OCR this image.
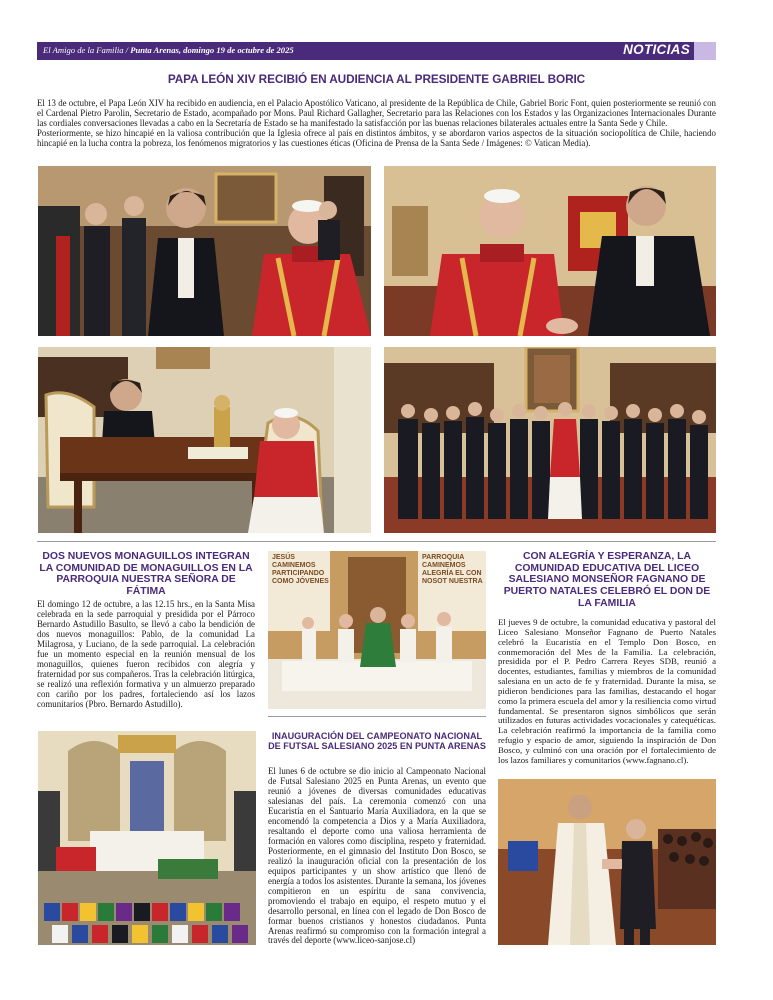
El Amigo de la Familia / Punta Arenas, domingo 19 de octubre de 2025	NOTICIAS
PAPA LEÓN XIV RECIBIÓ EN AUDIENCIA AL PRESIDENTE GABRIEL BORIC

El 13 de octubre, el Papa León XIV ha recibido en audiencia, en el Palacio Apostólico Vaticano, al presidente de la República de Chile, Gabriel Boric Font, quien posteriormente se reunió con el Cardenal Pietro Parolin, Secretario de Estado, acompañado por Mons. Paul Richard Gallagher, Secretario para las Relaciones con los Estados y las Organizaciones Internacionales Durante las cordiales conversaciones llevadas a cabo en la Secretaría de Estado se ha manifestado la satisfacción por las buenas relaciones bilaterales actuales entre la Santa Sede y Chile.

Posteriormente, se hizo hincapié en la valiosa contribución que la Iglesia ofrece al país en distintos ámbitos, y se abordaron varios aspectos de la situación sociopolítica de Chile, haciendo hincapié en la lucha contra la pobreza, los fenómenos migratorios y las cuestiones éticas (Oficina de Prensa de la Santa Sede / Imágenes: © Vatican Media).

DOS NUEVOS MONAGUILLOS INTEGRAN LA COMUNIDAD DE MONAGUILLOS EN LA PARROQUIA NUESTRA SEÑORA DE FÁTIMA
El domingo 12 de octubre, a las 12.15 hrs., en la Santa Misa celebrada en la sede parroquial y presidida por el Párroco Bernardo Astudillo Basulto, se llevó a cabo la bendición de dos nuevos monaguillos: Pablo, de la comunidad La Milagrosa, y Luciano, de la sede parroquial. La celebración fue un momento especial en la reunión mensual de los monaguillos, quienes fueron recibidos con alegría y fraternidad por sus compañeros. Tras la celebración litúrgica, se realizó una reflexión formativa y un almuerzo preparado con cariño por los padres, fortaleciendo así los lazos comunitarios (Pbro. Bernardo Astudillo).
JESÚS CAMINEMOS PARTICIPANDO COMO JÓVENES
PARROQUIA CAMINEMOS ALEGRÍA EL CON NOSOT NUESTRA
CON ALEGRÍA Y ESPERANZA, LA COMUNIDAD EDUCATIVA DEL LICEO SALESIANO MONSEÑOR FAGNANO DE PUERTO NATALES CELEBRÓ EL DON DE LA FAMILIA
El jueves 9 de octubre, la comunidad educativa y pastoral del Liceo Salesiano Monseñor Fagnano de Puerto Natales celebró la Eucaristía en el Templo Don Bosco, en conmemoración del Mes de la Familia. La celebración, presidida por el P. Pedro Carrera Reyes SDB, reunió a docentes, estudiantes, familias y miembros de la comunidad salesiana en un acto de fe y fraternidad. Durante la misa, se pidieron bendiciones para las familias, destacando el hogar como la primera escuela del amor y la resiliencia como virtud fundamental. Se presentaron signos simbólicos que serán utilizados en futuras actividades vocacionales y catequéticas. La celebración reafirmó la importancia de la familia como refugio y espacio de amor, siguiendo la inspiración de Don Bosco, y culminó con una oración por el fortalecimiento de los lazos familiares y comunitarios (www.fagnano.cl).
INAUGURACIÓN DEL CAMPEONATO NACIONAL DE FUTSAL SALESIANO 2025 EN PUNTA ARENAS
El lunes 6 de octubre se dio inicio al Campeonato Nacional de Futsal Salesiano 2025 en Punta Arenas, un evento que reunió a jóvenes de diversas comunidades educativas salesianas del país. La ceremonia comenzó con una Eucaristía en el Santuario María Auxiliadora, en la que se encomendó la competencia a Dios y a María Auxiliadora, resaltando el deporte como una valiosa herramienta de formación en valores como disciplina, respeto y fraternidad. Posteriormente, en el gimnasio del Instituto Don Bosco, se realizó la inauguración oficial con la presentación de los equipos participantes y un show artístico que llenó de energía a todos los asistentes. Durante la semana, los jóvenes compitieron en un espíritu de sana convivencia, promoviendo el trabajo en equipo, el respeto mutuo y el desarrollo personal, en línea con el legado de Don Bosco de formar buenos cristianos y honestos ciudadanos. Punta Arenas reafirmó su compromiso con la formación integral a través del deporte (www.liceo-sanjose.cl)
